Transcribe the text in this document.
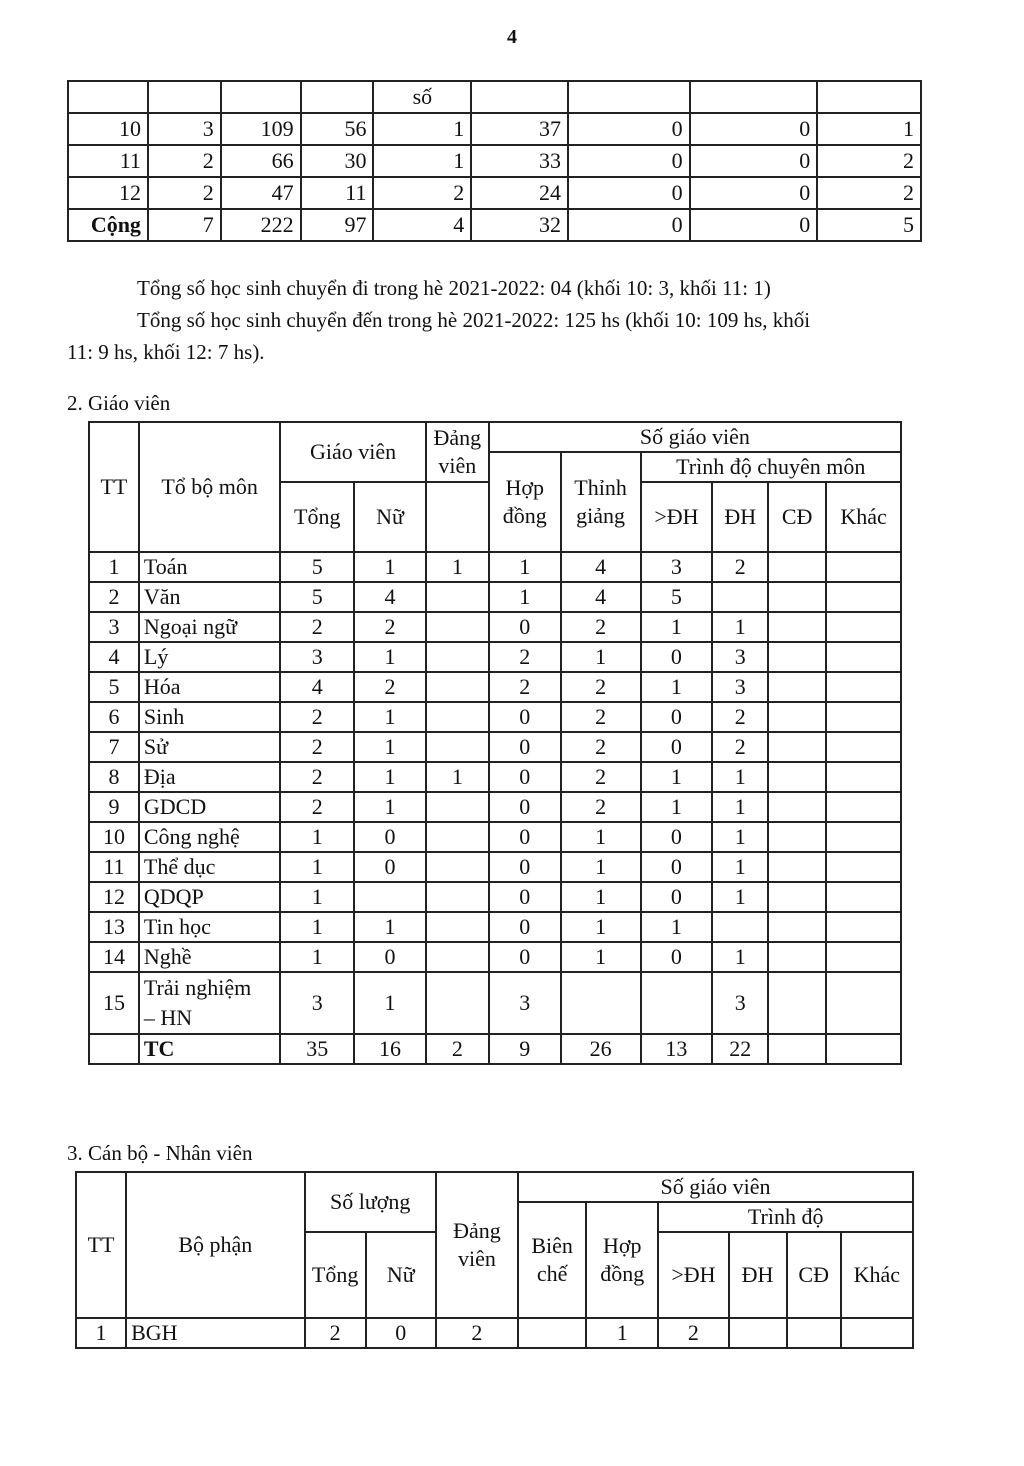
4
				số				
10	3	109	56	1	37	0	0	1
11	2	66	30	1	33	0	0	2
12	2	47	11	2	24	0	0	2
Cộng	7	222	97	4	32	0	0	5
Tổng số học sinh chuyển đi trong hè 2021-2022: 04 (khối 10: 3, khối 11: 1)
Tổng số học sinh chuyển đến trong hè 2021-2022: 125 hs (khối 10: 109 hs, khối
11: 9 hs, khối 12: 7 hs).
2. Giáo viên
TT	Tổ bộ môn	Giáo viên		Đảng viên	Số giáo viên					
					Hợp đồng	Thỉnh giảng	Trình độ chuyên môn			
		Tổng	Nữ				>ĐH	ĐH	CĐ	Khác
1	Toán	5	1	1	1	4	3	2		
2	Văn	5	4		1	4	5			
3	Ngoại ngữ	2	2		0	2	1	1		
4	Lý	3	1		2	1	0	3		
5	Hóa	4	2		2	2	1	3		
6	Sinh	2	1		0	2	0	2		
7	Sử	2	1		0	2	0	2		
8	Địa	2	1	1	0	2	1	1		
9	GDCD	2	1		0	2	1	1		
10	Công nghệ	1	0		0	1	0	1		
11	Thể dục	1	0		0	1	0	1		
12	QDQP	1			0	1	0	1		
13	Tin học	1	1		0	1	1			
14	Nghề	1	0		0	1	0	1		
15	Trải nghiệm
– HN	3	1		3			3		
	TC	35	16	2	9	26	13	22		
3. Cán bộ - Nhân viên
TT	Bộ phận	Số lượng		Đảng viên	Số giáo viên					
					Biên chế	Hợp đồng	Trình độ			
		Tổng	Nữ				>ĐH	ĐH	CĐ	Khác
1	BGH	2	0	2		1	2			
